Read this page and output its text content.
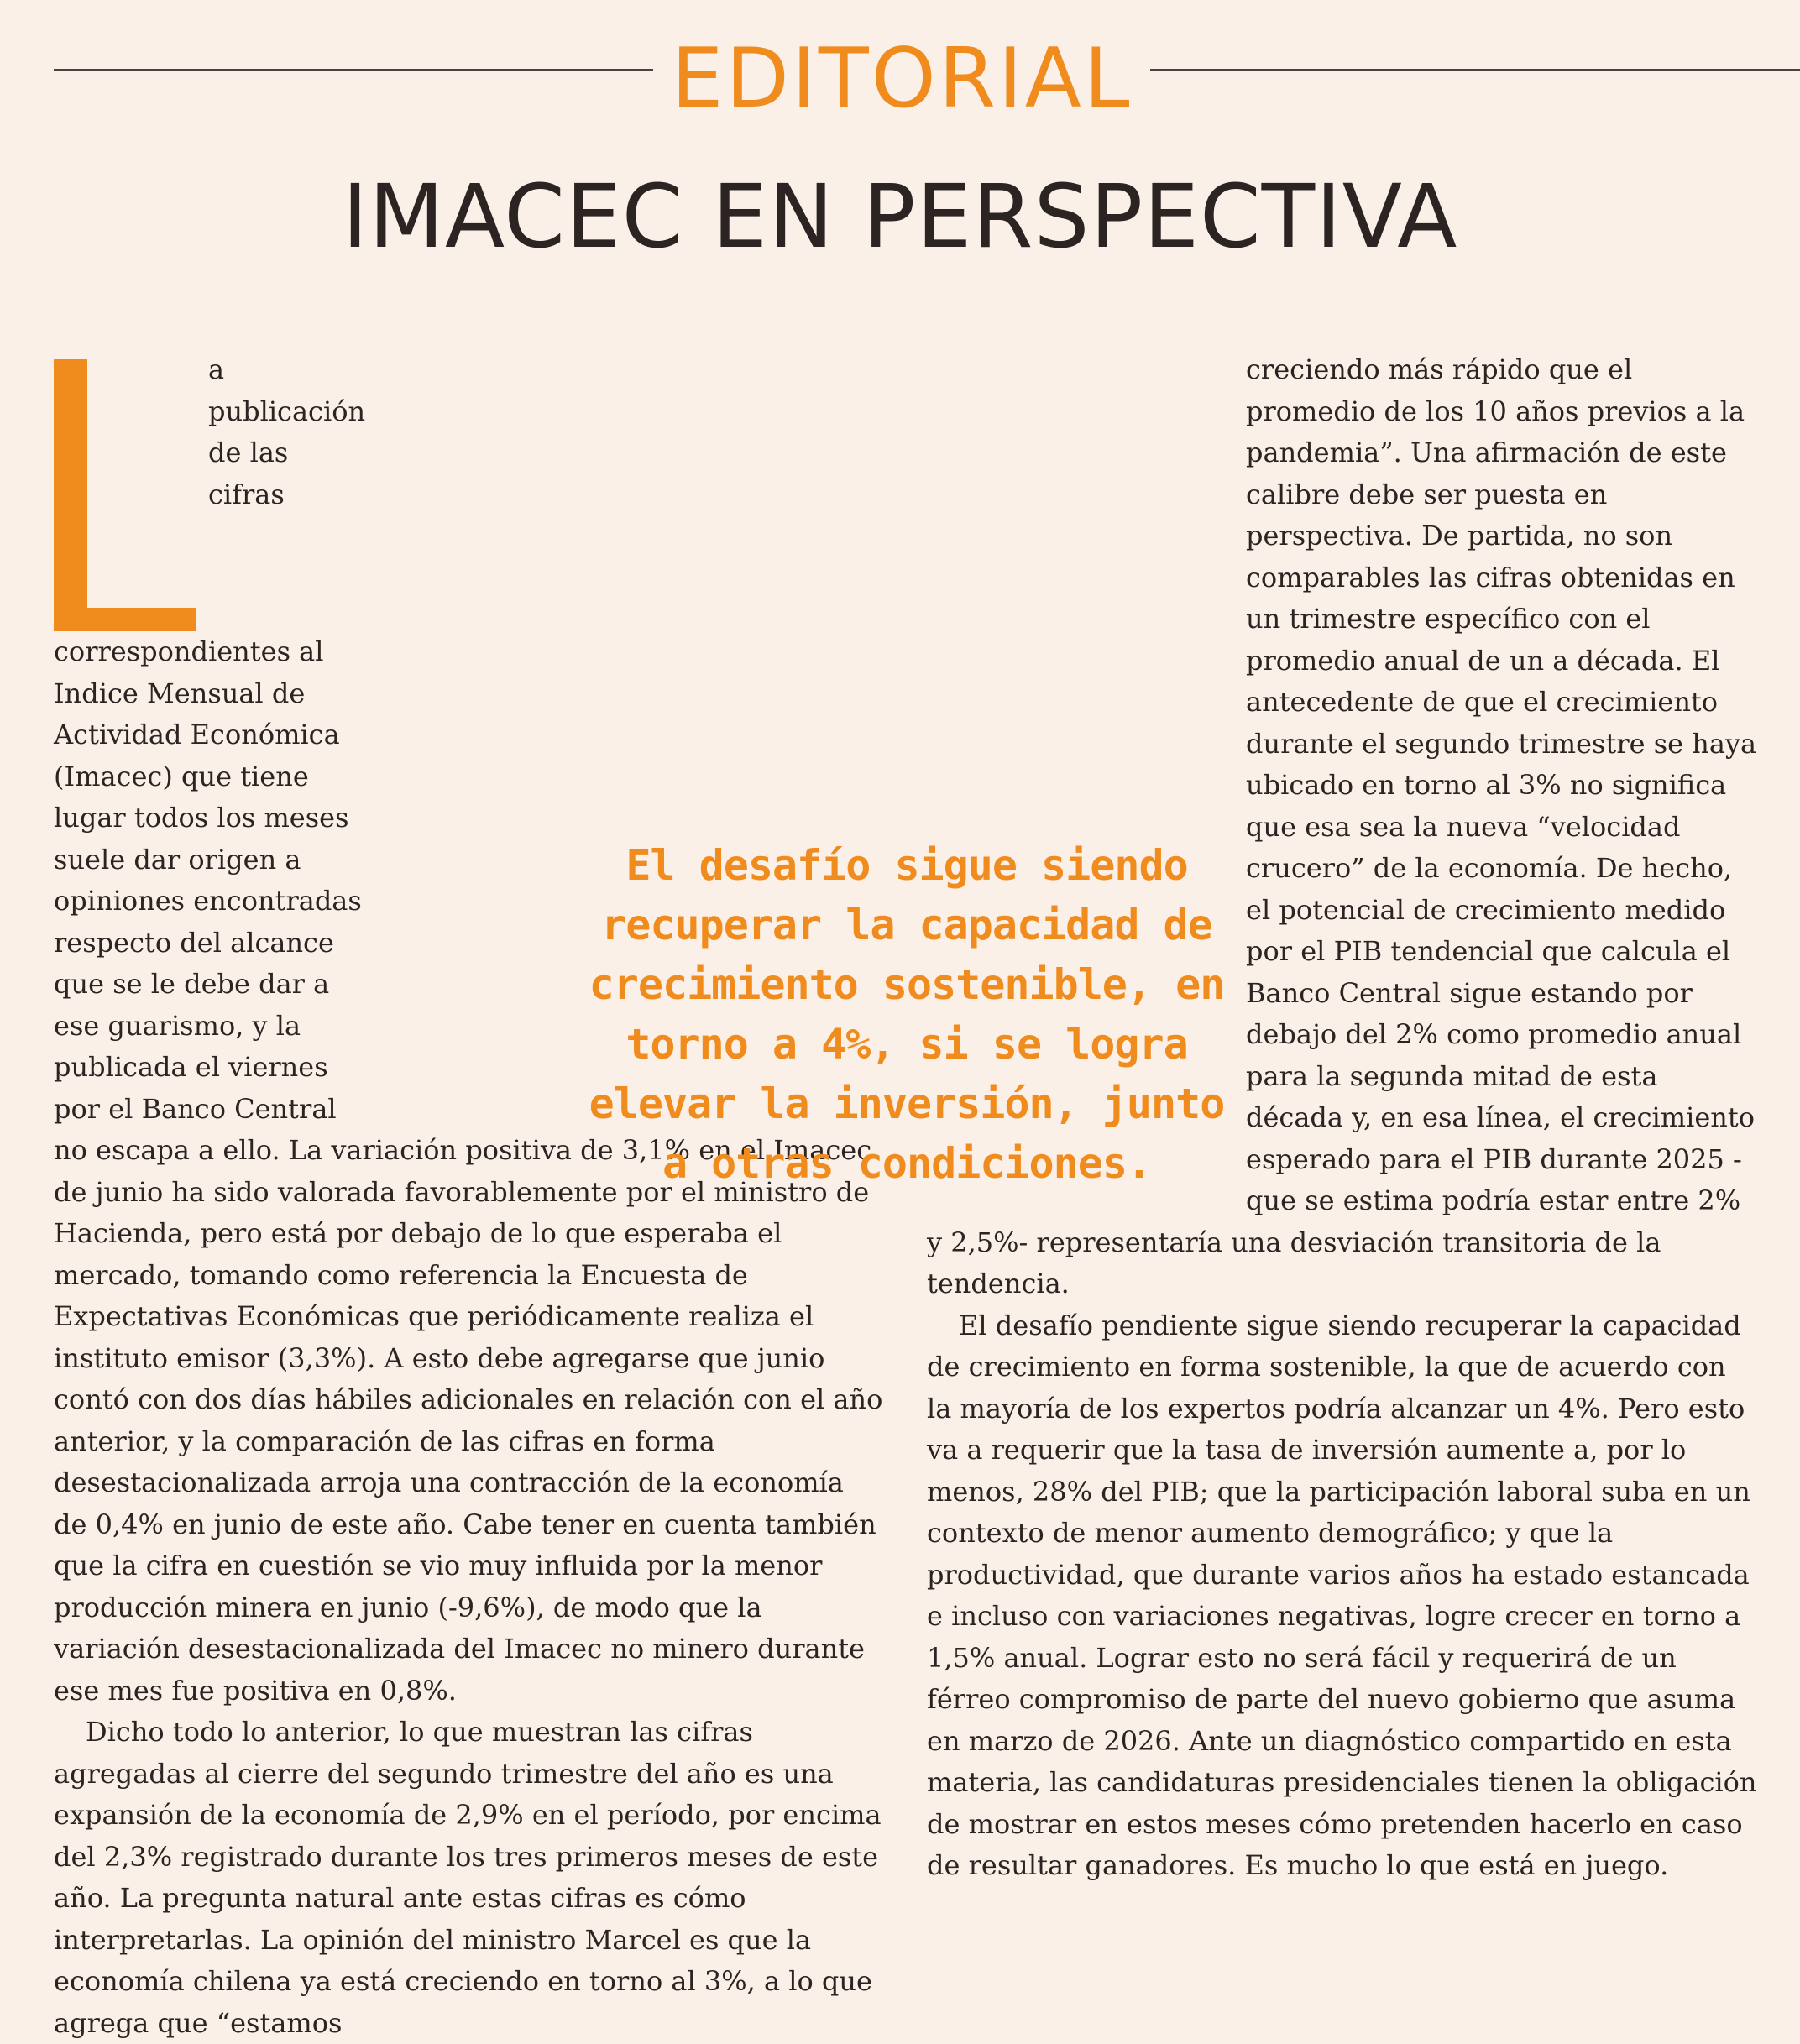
EDITORIAL
IMACEC EN PERSPECTIVA

a publicación de las cifras correspondientes al Indice Mensual de Actividad Económica (Imacec) que tiene lugar todos los meses suele dar origen a opiniones encontradas respecto del alcance que se le debe dar a ese guarismo, y la publicada el viernes por el Banco Central no escapa a ello. La variación positiva de 3,1% en el Imacec de junio ha sido valorada favorablemente por el ministro de Hacienda, pero está por debajo de lo que esperaba el mercado, tomando como referencia la Encuesta de Expectativas Económicas que periódicamente realiza el instituto emisor (3,3%). A esto debe agregarse que junio contó con dos días hábiles adicionales en relación con el año anterior, y la comparación de las cifras en forma desestacionalizada arroja una contracción de la economía de 0,4% en junio de este año. Cabe tener en cuenta también que la cifra en cuestión se vio muy influida por la menor producción minera en junio (-9,6%), de modo que la variación desestacionalizada del Imacec no minero durante ese mes fue positiva en 0,8%.

Dicho todo lo anterior, lo que muestran las cifras agregadas al cierre del segundo trimestre del año es una expansión de la economía de 2,9% en el período, por encima del 2,3% registrado durante los tres primeros meses de este año. La pregunta natural ante estas cifras es cómo interpretarlas. La opinión del ministro Marcel es que la economía chilena ya está creciendo en torno al 3%, a lo que agrega que “estamos

creciendo más rápido que el promedio de los 10 años previos a la pandemia”. Una afirmación de este calibre debe ser puesta en perspectiva. De partida, no son comparables las cifras obtenidas en un trimestre específico con el promedio anual de un a década. El antecedente de que el crecimiento durante el segundo trimestre se haya ubicado en torno al 3% no significa que esa sea la nueva “velocidad crucero” de la economía. De hecho, el potencial de crecimiento medido por el PIB tendencial que calcula el Banco Central sigue estando por debajo del 2% como promedio anual para la segunda mitad de esta década y, en esa línea, el crecimiento esperado para el PIB durante 2025 -que se estima podría estar entre 2% y 2,5%- representaría una desviación transitoria de la tendencia.

El desafío pendiente sigue siendo recuperar la capacidad de crecimiento en forma sostenible, la que de acuerdo con la mayoría de los expertos podría alcanzar un 4%. Pero esto va a requerir que la tasa de inversión aumente a, por lo menos, 28% del PIB; que la participación laboral suba en un contexto de menor aumento demográfico; y que la productividad, que durante varios años ha estado estancada e incluso con variaciones negativas, logre crecer en torno a 1,5% anual. Lograr esto no será fácil y requerirá de un férreo compromiso de parte del nuevo gobierno que asuma en marzo de 2026. Ante un diagnóstico compartido en esta materia, las candidaturas presidenciales tienen la obligación de mostrar en estos meses cómo pretenden hacerlo en caso de resultar ganadores. Es mucho lo que está en juego.

El desafío sigue siendo recuperar la capacidad de crecimiento sostenible, en torno a 4%, si se logra elevar la inversión, junto a otras condiciones.
